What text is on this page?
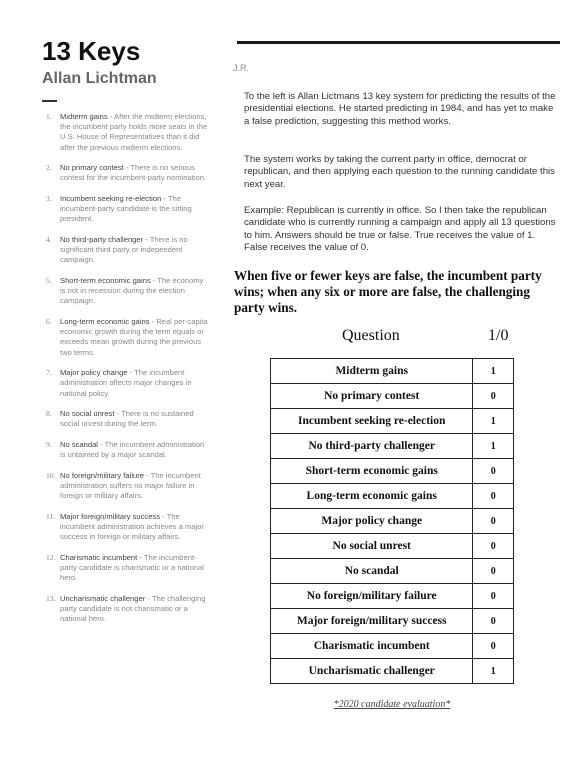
13 Keys
Allan Lichtman
1.	Midterm gains - After the midterm elections, the incumbent party holds more seats in the U.S. House of Representatives than it did after the previous midterm elections.
2.	No primary contest - There is no serious contest for the incumbent-party nomination.
3.	Incumbent seeking re-election - The incumbent-party candidate is the sitting president.
4.	No third-party challenger - There is no significant third party or independent campaign.
5.	Short-term economic gains - The economy is not in recession during the election campaign.
6.	Long-term economic gains - Real per-capita economic growth during the term equals or exceeds mean growth during the previous two terms.
7.	Major policy change - The incumbent administration affects major changes in national policy.
8.	No social unrest - There is no sustained social unrest during the term.
9.	No scandal - The incumbent administration is untainted by a major scandal.
10. No foreign/military failure - The incumbent administration suffers no major failure in foreign or military affairs.
11. Major foreign/military success - The incumbent administration achieves a major success in foreign or military affairs.
12. Charismatic incumbent - The incumbent-party candidate is charismatic or a national hero.
13. Uncharismatic challenger - The challenging party candidate is not charismatic or a national hero.
J.R.

To the left is Allan Lictmans 13 key system for predicting the results of the presidential elections. He started predicting in 1984, and has yet to make a false prediction, suggesting this method works.

The system works by taking the current party in office, democrat or republican, and then applying each question to the running candidate this next year.

Example: Republican is currently in office. So I then take the republican candidate who is currently running a campaign and apply all 13 questions to him. Answers should be true or false. True receives the value of 1. False receives the value of 0.

When five or fewer keys are false, the incumbent party wins; when any six or more are false, the challenging party wins.
Question	1/0
Midterm gains	1
No primary contest	0
Incumbent seeking re-election	1
No third-party challenger	1
Short-term economic gains	0
Long-term economic gains	0
Major policy change	0
No social unrest	0
No scandal	0
No foreign/military failure	0
Major foreign/military success	0
Charismatic incumbent	0
Uncharismatic challenger	1
*2020 candidate evaluation*
